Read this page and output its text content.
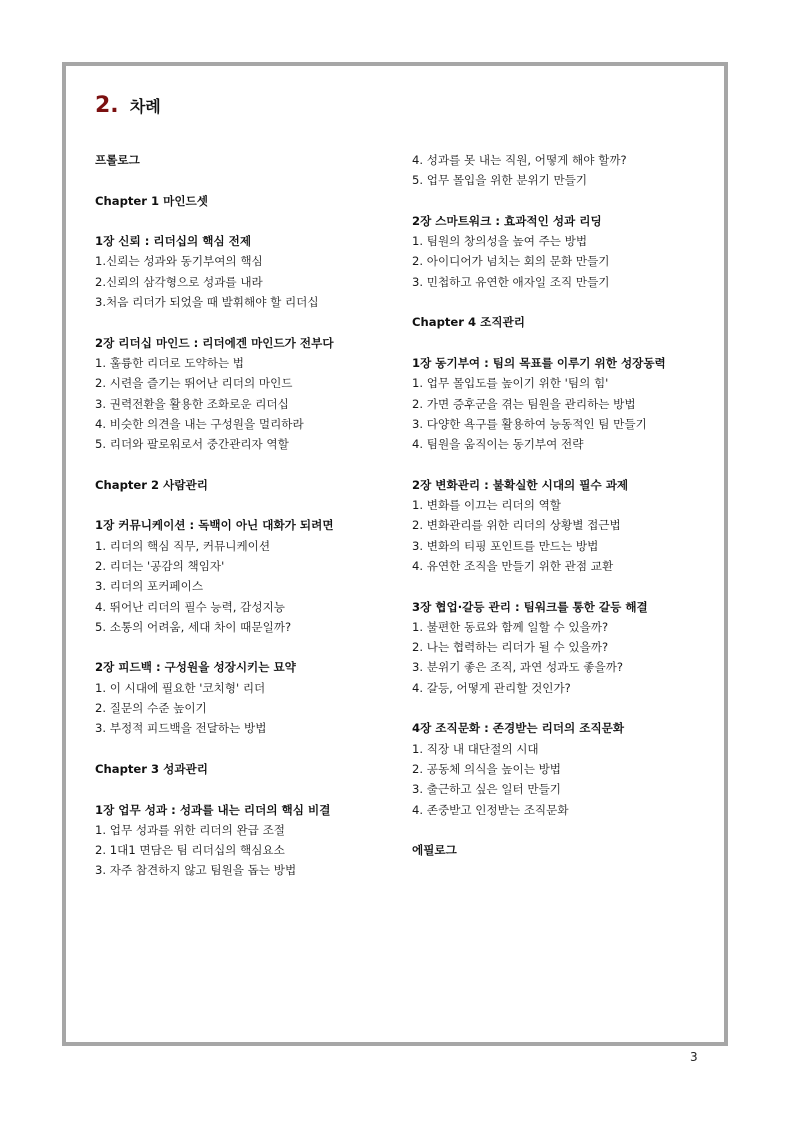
2. 차례
프롤로그
Chapter 1 마인드셋
1장 신뢰 : 리더십의 핵심 전제
1.신뢰는 성과와 동기부여의 핵심
2.신뢰의 삼각형으로 성과를 내라
3.처음 리더가 되었을 때 발휘해야 할 리더십
2장 리더십 마인드 : 리더에겐 마인드가 전부다
1. 훌륭한 리더로 도약하는 법
2. 시련을 즐기는 뛰어난 리더의 마인드
3. 권력전환을 활용한 조화로운 리더십
4. 비슷한 의견을 내는 구성원을 멀리하라
5. 리더와 팔로워로서 중간관리자 역할
Chapter 2 사람관리
1장 커뮤니케이션 : 독백이 아닌 대화가 되려면
1. 리더의 핵심 직무, 커뮤니케이션
2. 리더는 '공감의 책임자'
3. 리더의 포커페이스
4. 뛰어난 리더의 필수 능력, 감성지능
5. 소통의 어려움, 세대 차이 때문일까?
2장 피드백 : 구성원을 성장시키는 묘약
1. 이 시대에 필요한 '코치형' 리더
2. 질문의 수준 높이기
3. 부정적 피드백을 전달하는 방법
Chapter 3 성과관리
1장 업무 성과 : 성과를 내는 리더의 핵심 비결
1. 업무 성과를 위한 리더의 완급 조절
2. 1대1 면담은 팀 리더십의 핵심요소
3. 자주 참견하지 않고 팀원을 돕는 방법
4. 성과를 못 내는 직원, 어떻게 해야 할까?
5. 업무 몰입을 위한 분위기 만들기
2장 스마트워크 : 효과적인 성과 리딩
1. 팀원의 창의성을 높여 주는 방법
2. 아이디어가 넘치는 회의 문화 만들기
3. 민첩하고 유연한 애자일 조직 만들기
Chapter 4 조직관리
1장 동기부여 : 팀의 목표를 이루기 위한 성장동력
1. 업무 몰입도를 높이기 위한 '팀의 힘'
2. 가면 증후군을 겪는 팀원을 관리하는 방법
3. 다양한 욕구를 활용하여 능동적인 팀 만들기
4. 팀원을 움직이는 동기부여 전략
2장 변화관리 : 불확실한 시대의 필수 과제
1. 변화를 이끄는 리더의 역할
2. 변화관리를 위한 리더의 상황별 접근법
3. 변화의 티핑 포인트를 만드는 방법
4. 유연한 조직을 만들기 위한 관점 교환
3장 협업·갈등 관리 : 팀워크를 통한 갈등 해결
1. 불편한 동료와 함께 일할 수 있을까?
2. 나는 협력하는 리더가 될 수 있을까?
3. 분위기 좋은 조직, 과연 성과도 좋을까?
4. 갈등, 어떻게 관리할 것인가?
4장 조직문화 : 존경받는 리더의 조직문화
1. 직장 내 대단절의 시대
2. 공동체 의식을 높이는 방법
3. 출근하고 싶은 일터 만들기
4. 존중받고 인정받는 조직문화
에필로그
3
